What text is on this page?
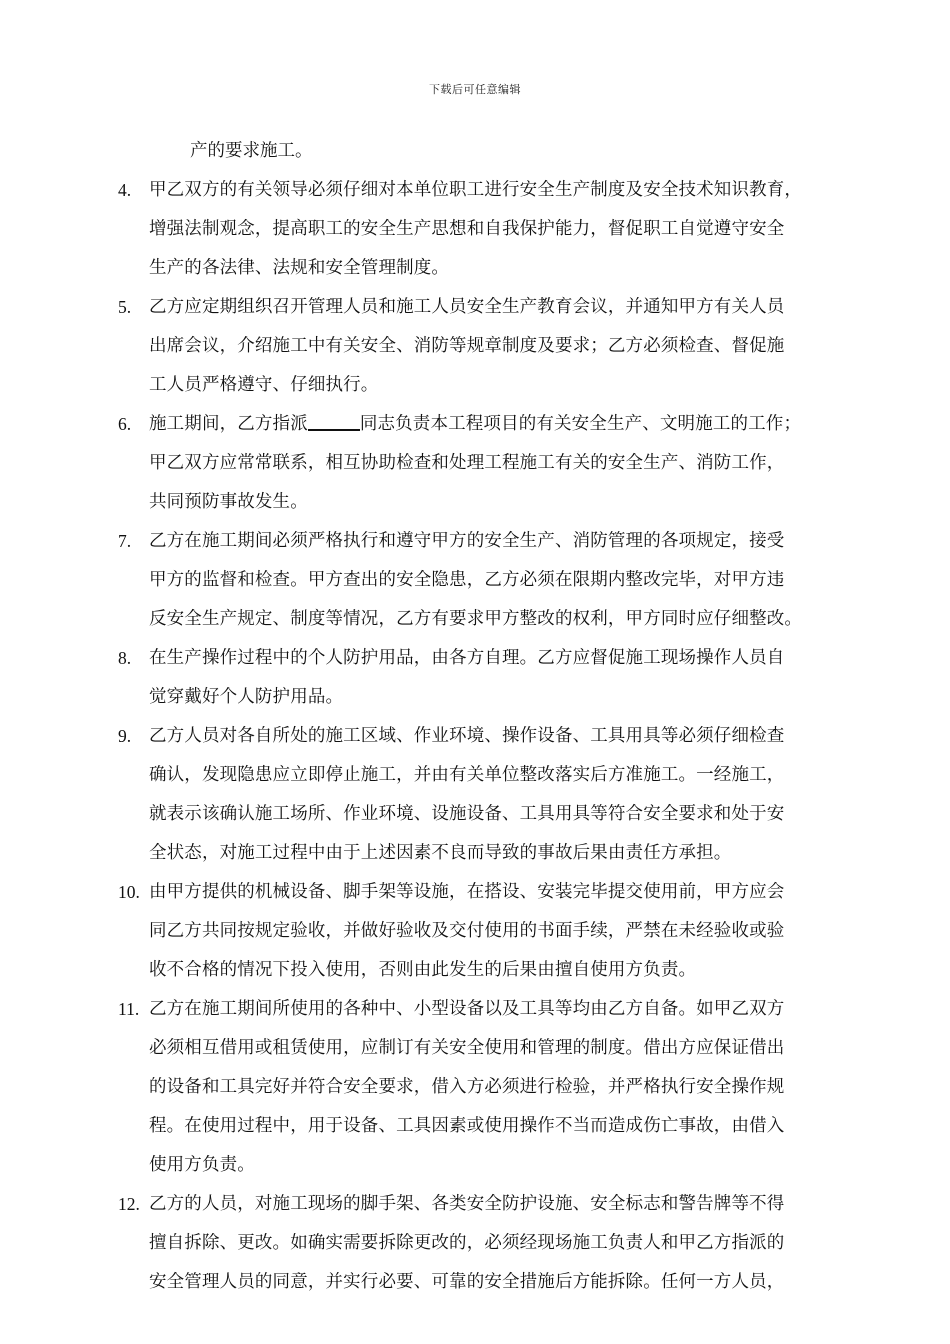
下载后可任意编辑
产的要求施工。
4.	甲乙双方的有关领导必须仔细对本单位职工进行安全生产制度及安全技术知识教育，
增强法制观念，提高职工的安全生产思想和自我保护能力，督促职工自觉遵守安全
生产的各法律、法规和安全管理制度。
5.	乙方应定期组织召开管理人员和施工人员安全生产教育会议，并通知甲方有关人员
出席会议，介绍施工中有关安全、消防等规章制度及要求；乙方必须检查、督促施
工人员严格遵守、仔细执行。
6.	施工期间，乙方指派	同志负责本工程项目的有关安全生产、文明施工的工作；
甲乙双方应常常联系，相互协助检查和处理工程施工有关的安全生产、消防工作，
共同预防事故发生。
7.	乙方在施工期间必须严格执行和遵守甲方的安全生产、消防管理的各项规定，接受
甲方的监督和检查。甲方查出的安全隐患，乙方必须在限期内整改完毕，对甲方违
反安全生产规定、制度等情况，乙方有要求甲方整改的权利，甲方同时应仔细整改。
8.	在生产操作过程中的个人防护用品，由各方自理。乙方应督促施工现场操作人员自
觉穿戴好个人防护用品。
9.	乙方人员对各自所处的施工区域、作业环境、操作设备、工具用具等必须仔细检查
确认，发现隐患应立即停止施工，并由有关单位整改落实后方准施工。一经施工，
就表示该确认施工场所、作业环境、设施设备、工具用具等符合安全要求和处于安
全状态，对施工过程中由于上述因素不良而导致的事故后果由责任方承担。
10. 由甲方提供的机械设备、脚手架等设施，在搭设、安装完毕提交使用前，甲方应会
同乙方共同按规定验收，并做好验收及交付使用的书面手续，严禁在未经验收或验
收不合格的情况下投入使用，否则由此发生的后果由擅自使用方负责。
11. 乙方在施工期间所使用的各种中、小型设备以及工具等均由乙方自备。如甲乙双方
必须相互借用或租赁使用，应制订有关安全使用和管理的制度。借出方应保证借出
的设备和工具完好并符合安全要求，借入方必须进行检验，并严格执行安全操作规
程。在使用过程中，用于设备、工具因素或使用操作不当而造成伤亡事故，由借入
使用方负责。
12. 乙方的人员，对施工现场的脚手架、各类安全防护设施、安全标志和警告牌等不得
擅自拆除、更改。如确实需要拆除更改的，必须经现场施工负责人和甲乙方指派的
安全管理人员的同意，并实行必要、可靠的安全措施后方能拆除。任何一方人员，
